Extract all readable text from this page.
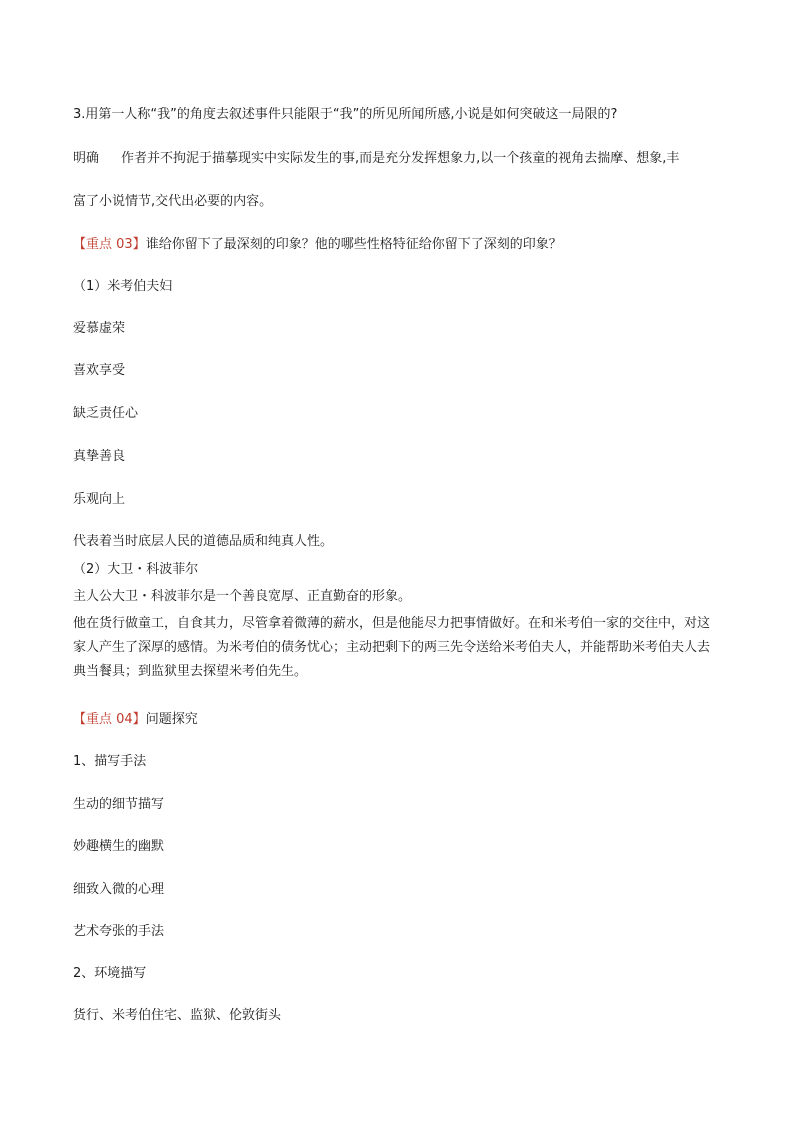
3.用第一人称“我”的角度去叙述事件只能限于“我”的所见所闻所感,小说是如何突破这一局限的?
明确 作者并不拘泥于描摹现实中实际发生的事,而是充分发挥想象力,以一个孩童的视角去揣摩、想象,丰
富了小说情节,交代出必要的内容。
【重点 03】谁给你留下了最深刻的印象？他的哪些性格特征给你留下了深刻的印象？
（1）米考伯夫妇
爱慕虚荣
喜欢享受
缺乏责任心
真挚善良
乐观向上
代表着当时底层人民的道德品质和纯真人性。
（2）大卫・科波菲尔
主人公大卫・科波菲尔是一个善良宽厚、正直勤奋的形象。
他在货行做童工，自食其力，尽管拿着微薄的薪水，但是他能尽力把事情做好。在和米考伯一家的交往中，对这家人产生了深厚的感情。为米考伯的债务忧心；主动把剩下的两三先令送给米考伯夫人，并能帮助米考伯夫人去典当餐具；到监狱里去探望米考伯先生。
【重点 04】问题探究
1、描写手法
生动的细节描写
妙趣横生的幽默
细致入微的心理
艺术夸张的手法
2、环境描写
货行、米考伯住宅、监狱、伦敦街头
